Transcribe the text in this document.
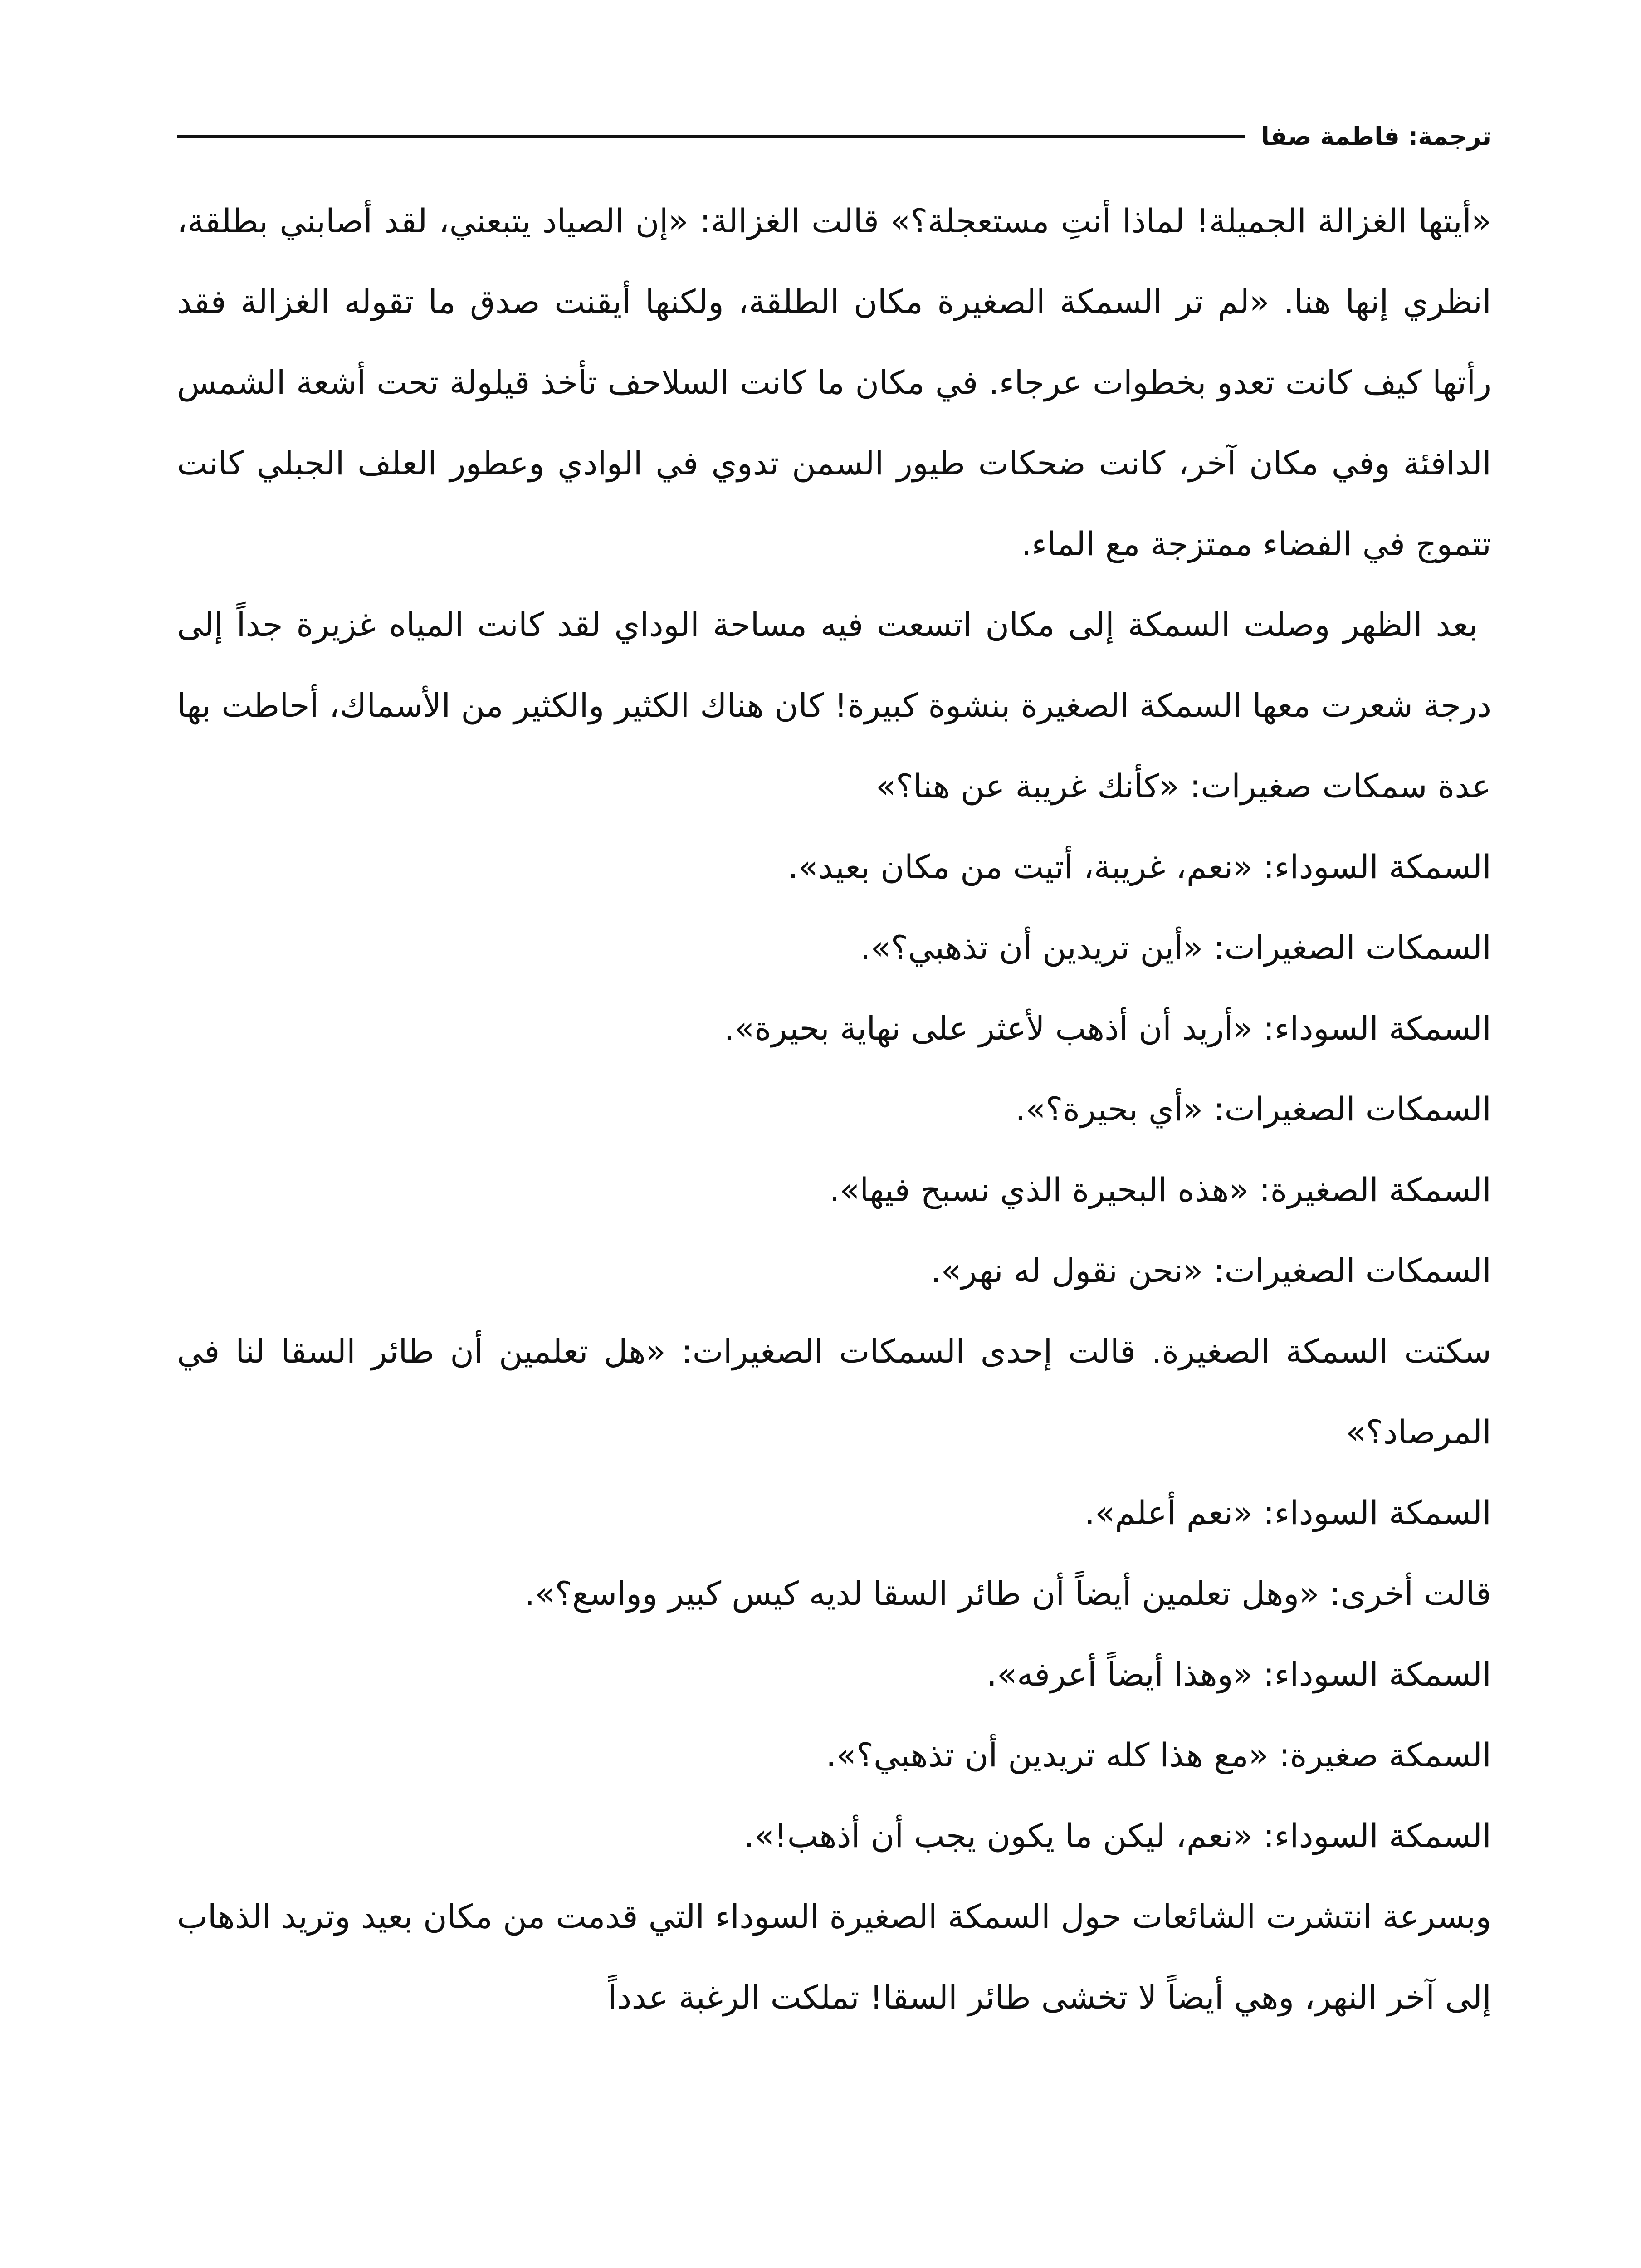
ترجمة: فاطمة صفا

«أيتها الغزالة الجميلة! لماذا أنتِ مستعجلة؟» قالت الغزالة: «إن الصياد يتبعني، لقد أصابني بطلقة، انظري إنها هنا. «لم تر السمكة الصغيرة مكان الطلقة، ولكنها أيقنت صدق ما تقوله الغزالة فقد رأتها كيف كانت تعدو بخطوات عرجاء. في مكان ما كانت السلاحف تأخذ قيلولة تحت أشعة الشمس الدافئة وفي مكان آخر، كانت ضحكات طيور السمن تدوي في الوادي وعطور العلف الجبلي كانت تتموج في الفضاء ممتزجة مع الماء.

بعد الظهر وصلت السمكة إلى مكان اتسعت فيه مساحة الوداي لقد كانت المياه غزيرة جداً إلى درجة شعرت معها السمكة الصغيرة بنشوة كبيرة! كان هناك الكثير والكثير من الأسماك، أحاطت بها عدة سمكات صغيرات: «كأنك غريبة عن هنا؟»

السمكة السوداء: «نعم، غريبة، أتيت من مكان بعيد».

السمكات الصغيرات: «أين تريدين أن تذهبي؟».

السمكة السوداء: «أريد أن أذهب لأعثر على نهاية بحيرة».

السمكات الصغيرات: «أي بحيرة؟».

السمكة الصغيرة: «هذه البحيرة الذي نسبح فيها».

السمكات الصغيرات: «نحن نقول له نهر».

سكتت السمكة الصغيرة. قالت إحدى السمكات الصغيرات: «هل تعلمين أن طائر السقا لنا في المرصاد؟»

السمكة السوداء: «نعم أعلم».

قالت أخرى: «وهل تعلمين أيضاً أن طائر السقا لديه كيس كبير وواسع؟».

السمكة السوداء: «وهذا أيضاً أعرفه».

السمكة صغيرة: «مع هذا كله تريدين أن تذهبي؟».

السمكة السوداء: «نعم، ليكن ما يكون يجب أن أذهب!».

وبسرعة انتشرت الشائعات حول السمكة الصغيرة السوداء التي قدمت من مكان بعيد وتريد الذهاب إلى آخر النهر، وهي أيضاً لا تخشى طائر السقا! تملكت الرغبة عدداً
